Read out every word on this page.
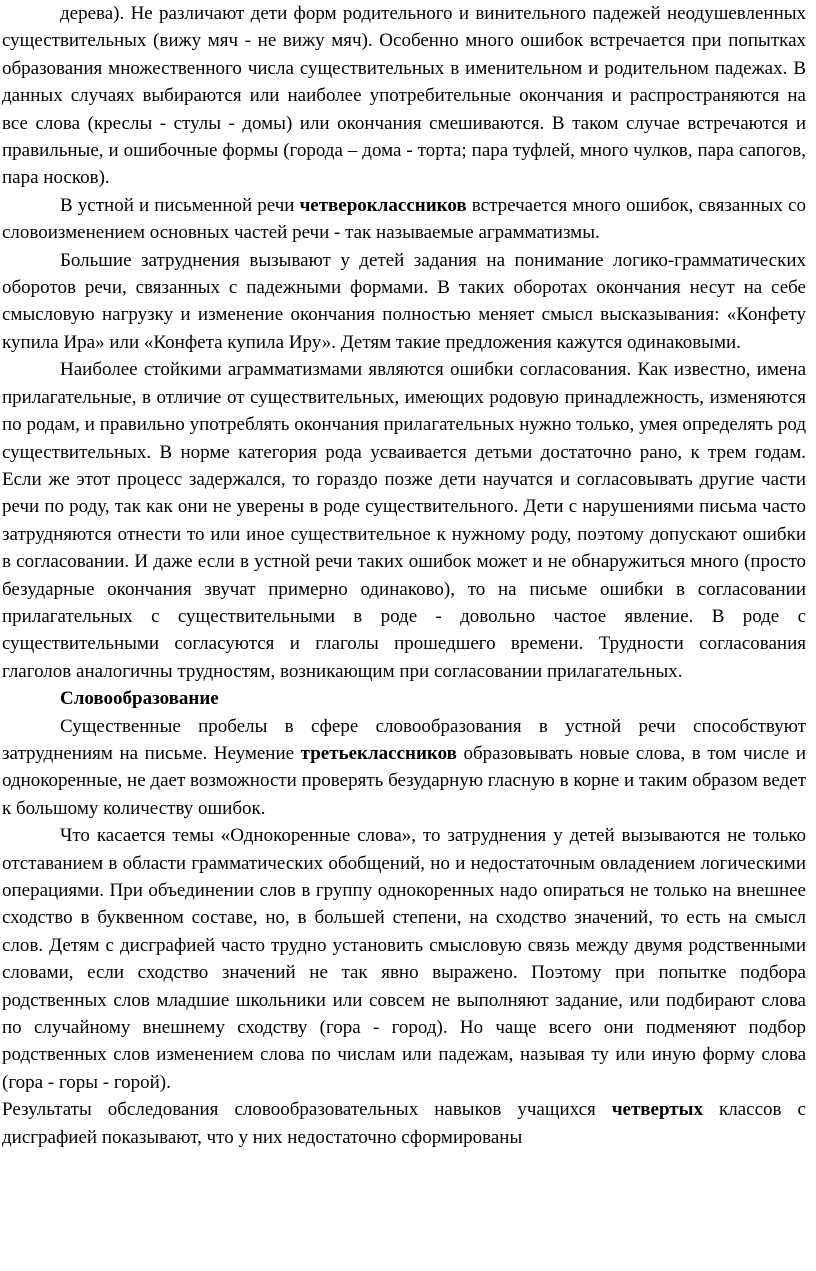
дерева). Не различают дети форм родительного и винительного падежей неодушевленных существительных (вижу мяч - не вижу мяч). Особенно много ошибок встречается при попытках образования множественного числа существительных в именительном и родительном падежах. В данных случаях выбираются или наиболее употребительные окончания и распространяются на все слова (креслы - стулы - домы) или окончания смешиваются. В таком случае встречаются и правильные, и ошибочные формы (города – дома - торта; пара туфлей, много чулков, пара сапогов, пара носков).

В устной и письменной речи четвероклассников встречается много ошибок, связанных со словоизменением основных частей речи - так называемые аграмматизмы.

Большие затруднения вызывают у детей задания на понимание логико-грамматических оборотов речи, связанных с падежными формами. В таких оборотах окончания несут на себе смысловую нагрузку и изменение окончания полностью меняет смысл высказывания: «Конфету купила Ира» или «Конфета купила Иру». Детям такие предложения кажутся одинаковыми.

Наиболее стойкими аграмматизмами являются ошибки согласования. Как известно, имена прилагательные, в отличие от существительных, имеющих родовую принадлежность, изменяются по родам, и правильно употреблять окончания прилагательных нужно только, умея определять род существительных. В норме категория рода усваивается детьми достаточно рано, к трем годам. Если же этот процесс задержался, то гораздо позже дети научатся и согласовывать другие части речи по роду, так как они не уверены в роде существительного. Дети с нарушениями письма часто затрудняются отнести то или иное существительное к нужному роду, поэтому допускают ошибки в согласовании. И даже если в устной речи таких ошибок может и не обнаружиться много (просто безударные окончания звучат примерно одинаково), то на письме ошибки в согласовании прилагательных с существительными в роде - довольно частое явление. В роде с существительными согласуются и глаголы прошедшего времени. Трудности согласования глаголов аналогичны трудностям, возникающим при согласовании прилагательных.

Словообразование

Существенные пробелы в сфере словообразования в устной речи способствуют затруднениям на письме. Неумение третьеклассников образовывать новые слова, в том числе и однокоренные, не дает возможности проверять безударную гласную в корне и таким образом ведет к большому количеству ошибок.

Что касается темы «Однокоренные слова», то затруднения у детей вызываются не только отставанием в области грамматических обобщений, но и недостаточным овладением логическими операциями. При объединении слов в группу однокоренных надо опираться не только на внешнее сходство в буквенном составе, но, в большей степени, на сходство значений, то есть на смысл слов. Детям с дисграфией часто трудно установить смысловую связь между двумя родственными словами, если сходство значений не так явно выражено. Поэтому при попытке подбора родственных слов младшие школьники или совсем не выполняют задание, или подбирают слова по случайному внешнему сходству (гора - город). Но чаще всего они подменяют подбор родственных слов изменением слова по числам или падежам, называя ту или иную форму слова (гора - горы - горой).

Результаты обследования словообразовательных навыков учащихся четвертых классов с дисграфией показывают, что у них недостаточно сформированы
